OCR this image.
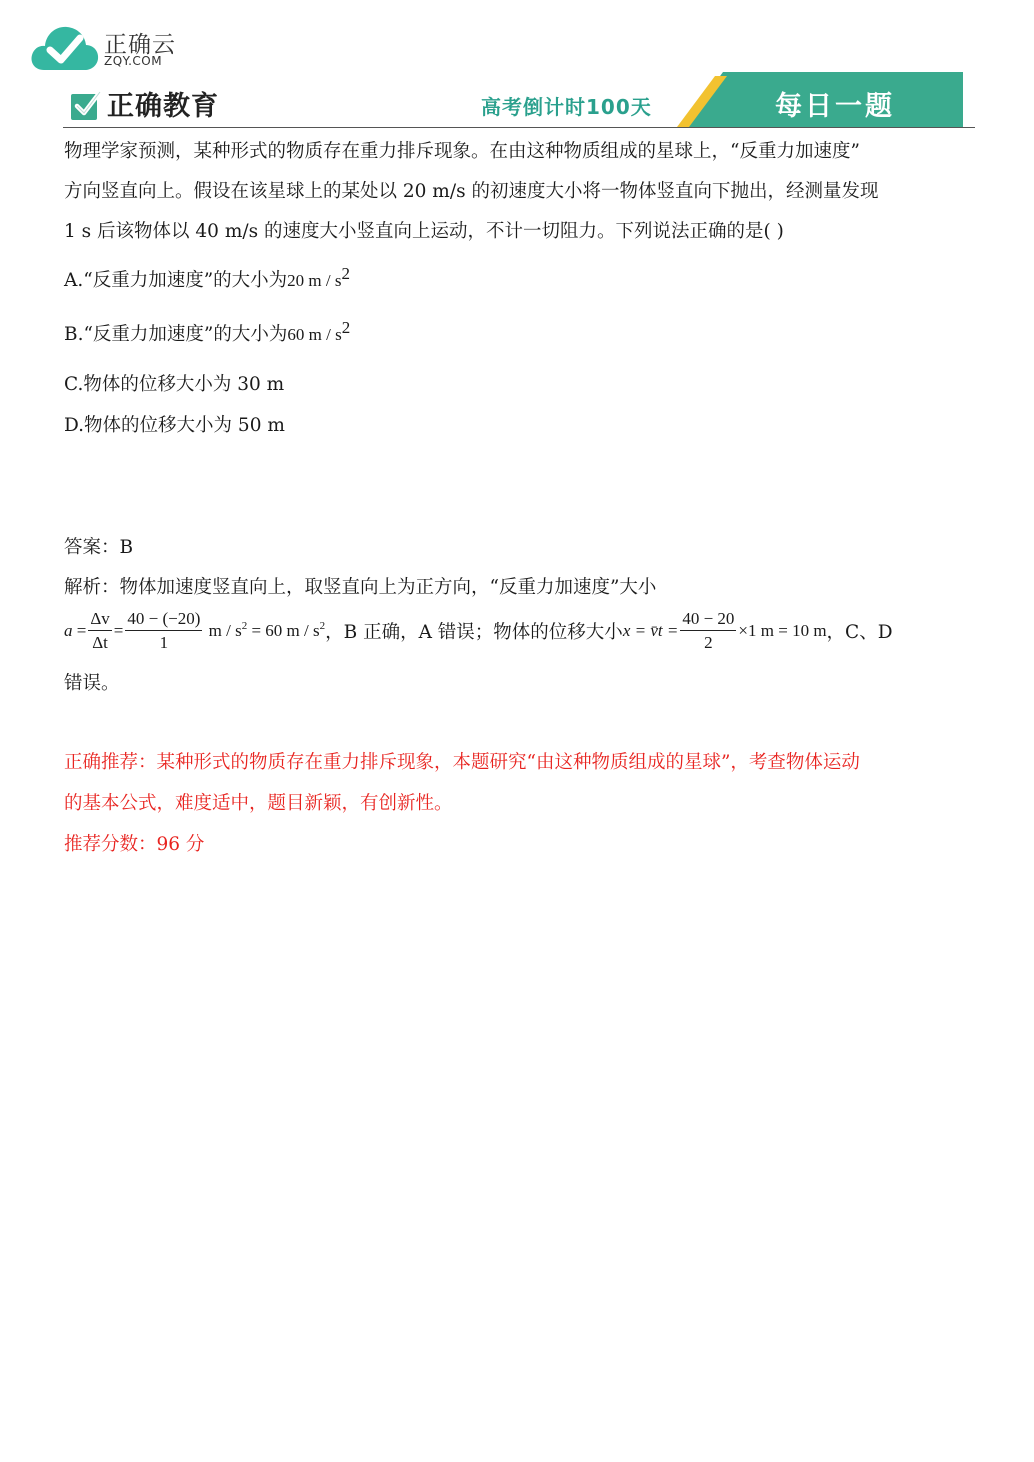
正确云
ZQY.COM
正确教育	高考倒计时100天	每日一题
物理学家预测，某种形式的物质存在重力排斥现象。在由这种物质组成的星球上，“反重力加速度”
方向竖直向上。假设在该星球上的某处以 20 m/s 的初速度大小将一物体竖直向下抛出，经测量发现
1 s 后该物体以 40 m/s 的速度大小竖直向上运动，不计一切阻力。下列说法正确的是( )
A.“反重力加速度”的大小为20 m / $s^2$
B.“反重力加速度”的大小为60 m / $s^2$
C.物体的位移大小为 30 m
D.物体的位移大小为 50 m
答案：B
解析：物体加速度竖直向上，取竖直向上为正方向，“反重力加速度”大小
$a = \frac{\Delta v}{\Delta t} = \frac{40 - (-20)}{1}$ $m / s^2 = 60$ m / $s^2$ ，B 正确，A 错误；物体的位移大小 x = v̄t = $\frac{40 - 20}{2} \times 1$ m = 10 m ，C、D
错误。
正确推荐：某种形式的物质存在重力排斥现象，本题研究“由这种物质组成的星球”，考查物体运动
的基本公式，难度适中，题目新颖，有创新性。
推荐分数：96 分
